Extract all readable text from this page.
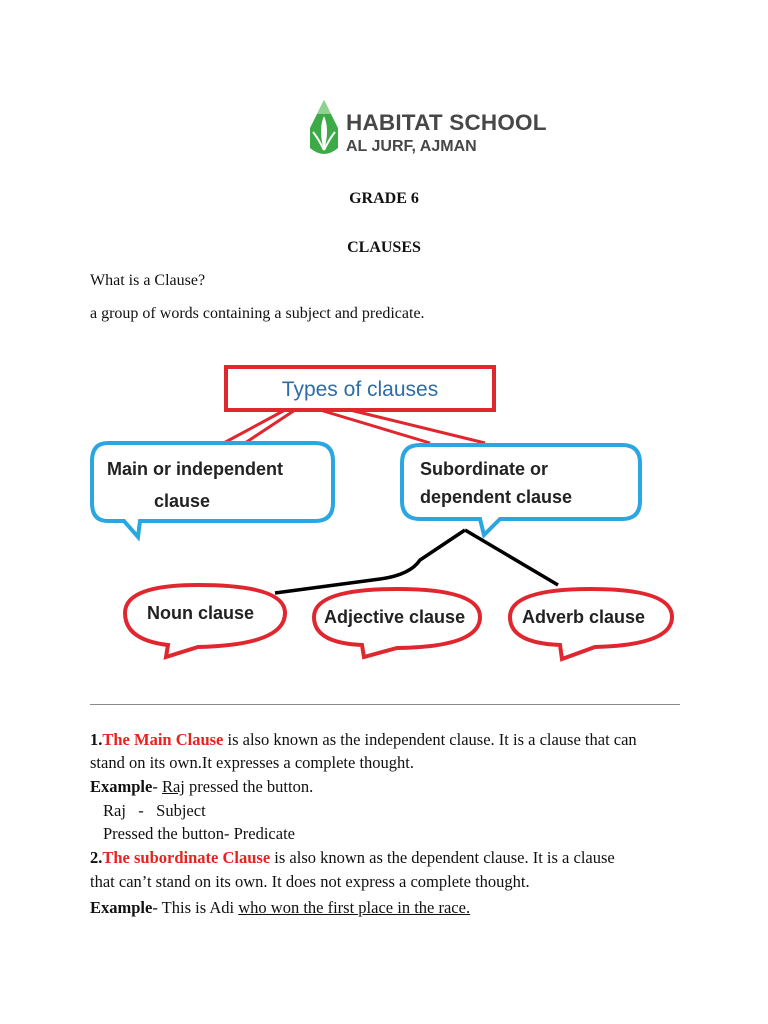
HABITAT SCHOOL
AL JURF, AJMAN
GRADE 6
CLAUSES
What is a Clause?
a group of words containing a subject and predicate.
Types of clauses
Main or independent
clause
Subordinate or
dependent clause
Noun clause	Adjective clause	Adverb clause
1.The Main Clause is also known as the independent clause. It is a clause that can
stand on its own.It expresses a complete thought.
Example- Raj pressed the button.
Raj   -   Subject
Pressed the button- Predicate
2.The subordinate Clause is also known as the dependent clause. It is a clause
that can’t stand on its own. It does not express a complete thought.
Example- This is Adi who won the first place in the race.
